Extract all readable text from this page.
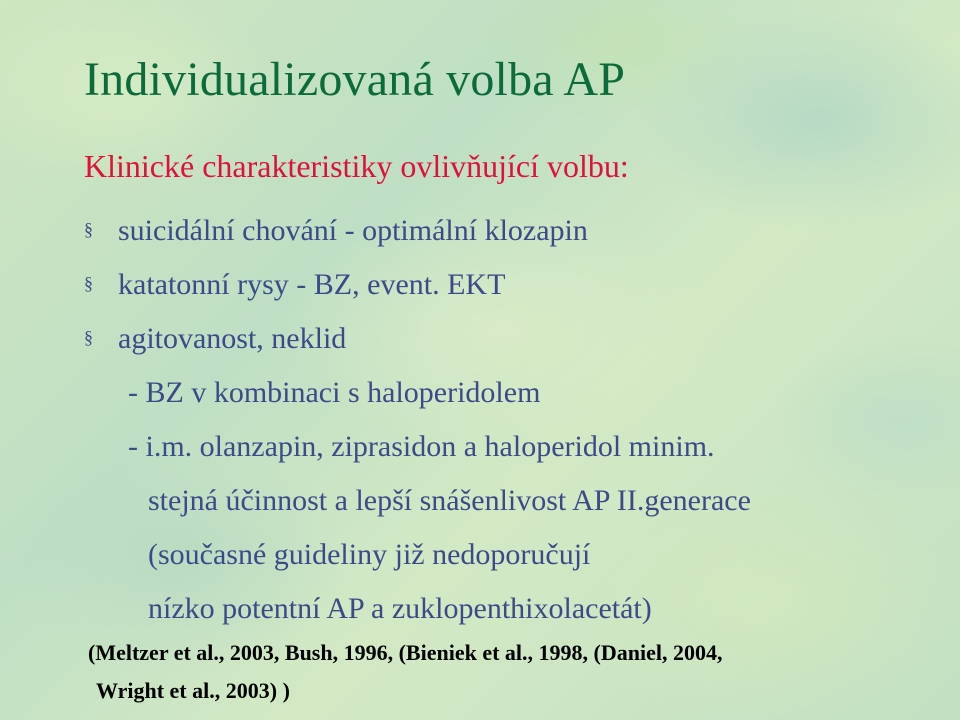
Individualizovaná volba AP
Klinické charakteristiky ovlivňující volbu:
§ suicidální chování - optimální klozapin
§ katatonní rysy - BZ, event. EKT
§ agitovanost, neklid
- BZ v kombinaci s haloperidolem
- i.m. olanzapin, ziprasidon a haloperidol minim.
stejná účinnost a lepší snášenlivost AP II.generace
(současné guideliny již nedoporučují
nízko potentní AP a zuklopenthixolacetát)
(Meltzer et al., 2003, Bush, 1996, (Bieniek et al., 1998, (Daniel, 2004,
Wright et al., 2003) )
